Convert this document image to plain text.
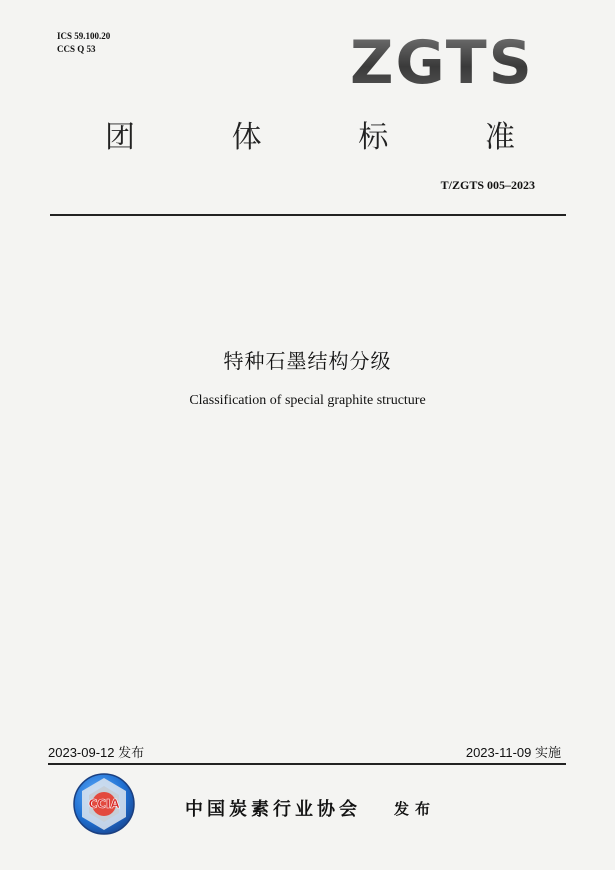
ICS 59.100.20
CCS Q 53	ZGTS
团	体	标	准
T/ZGTS 005–2023
特种石墨结构分级
Classification of special graphite structure
2023-09-12 发布	2023-11-09 实施
CCIA	中国炭素行业协会 发布
